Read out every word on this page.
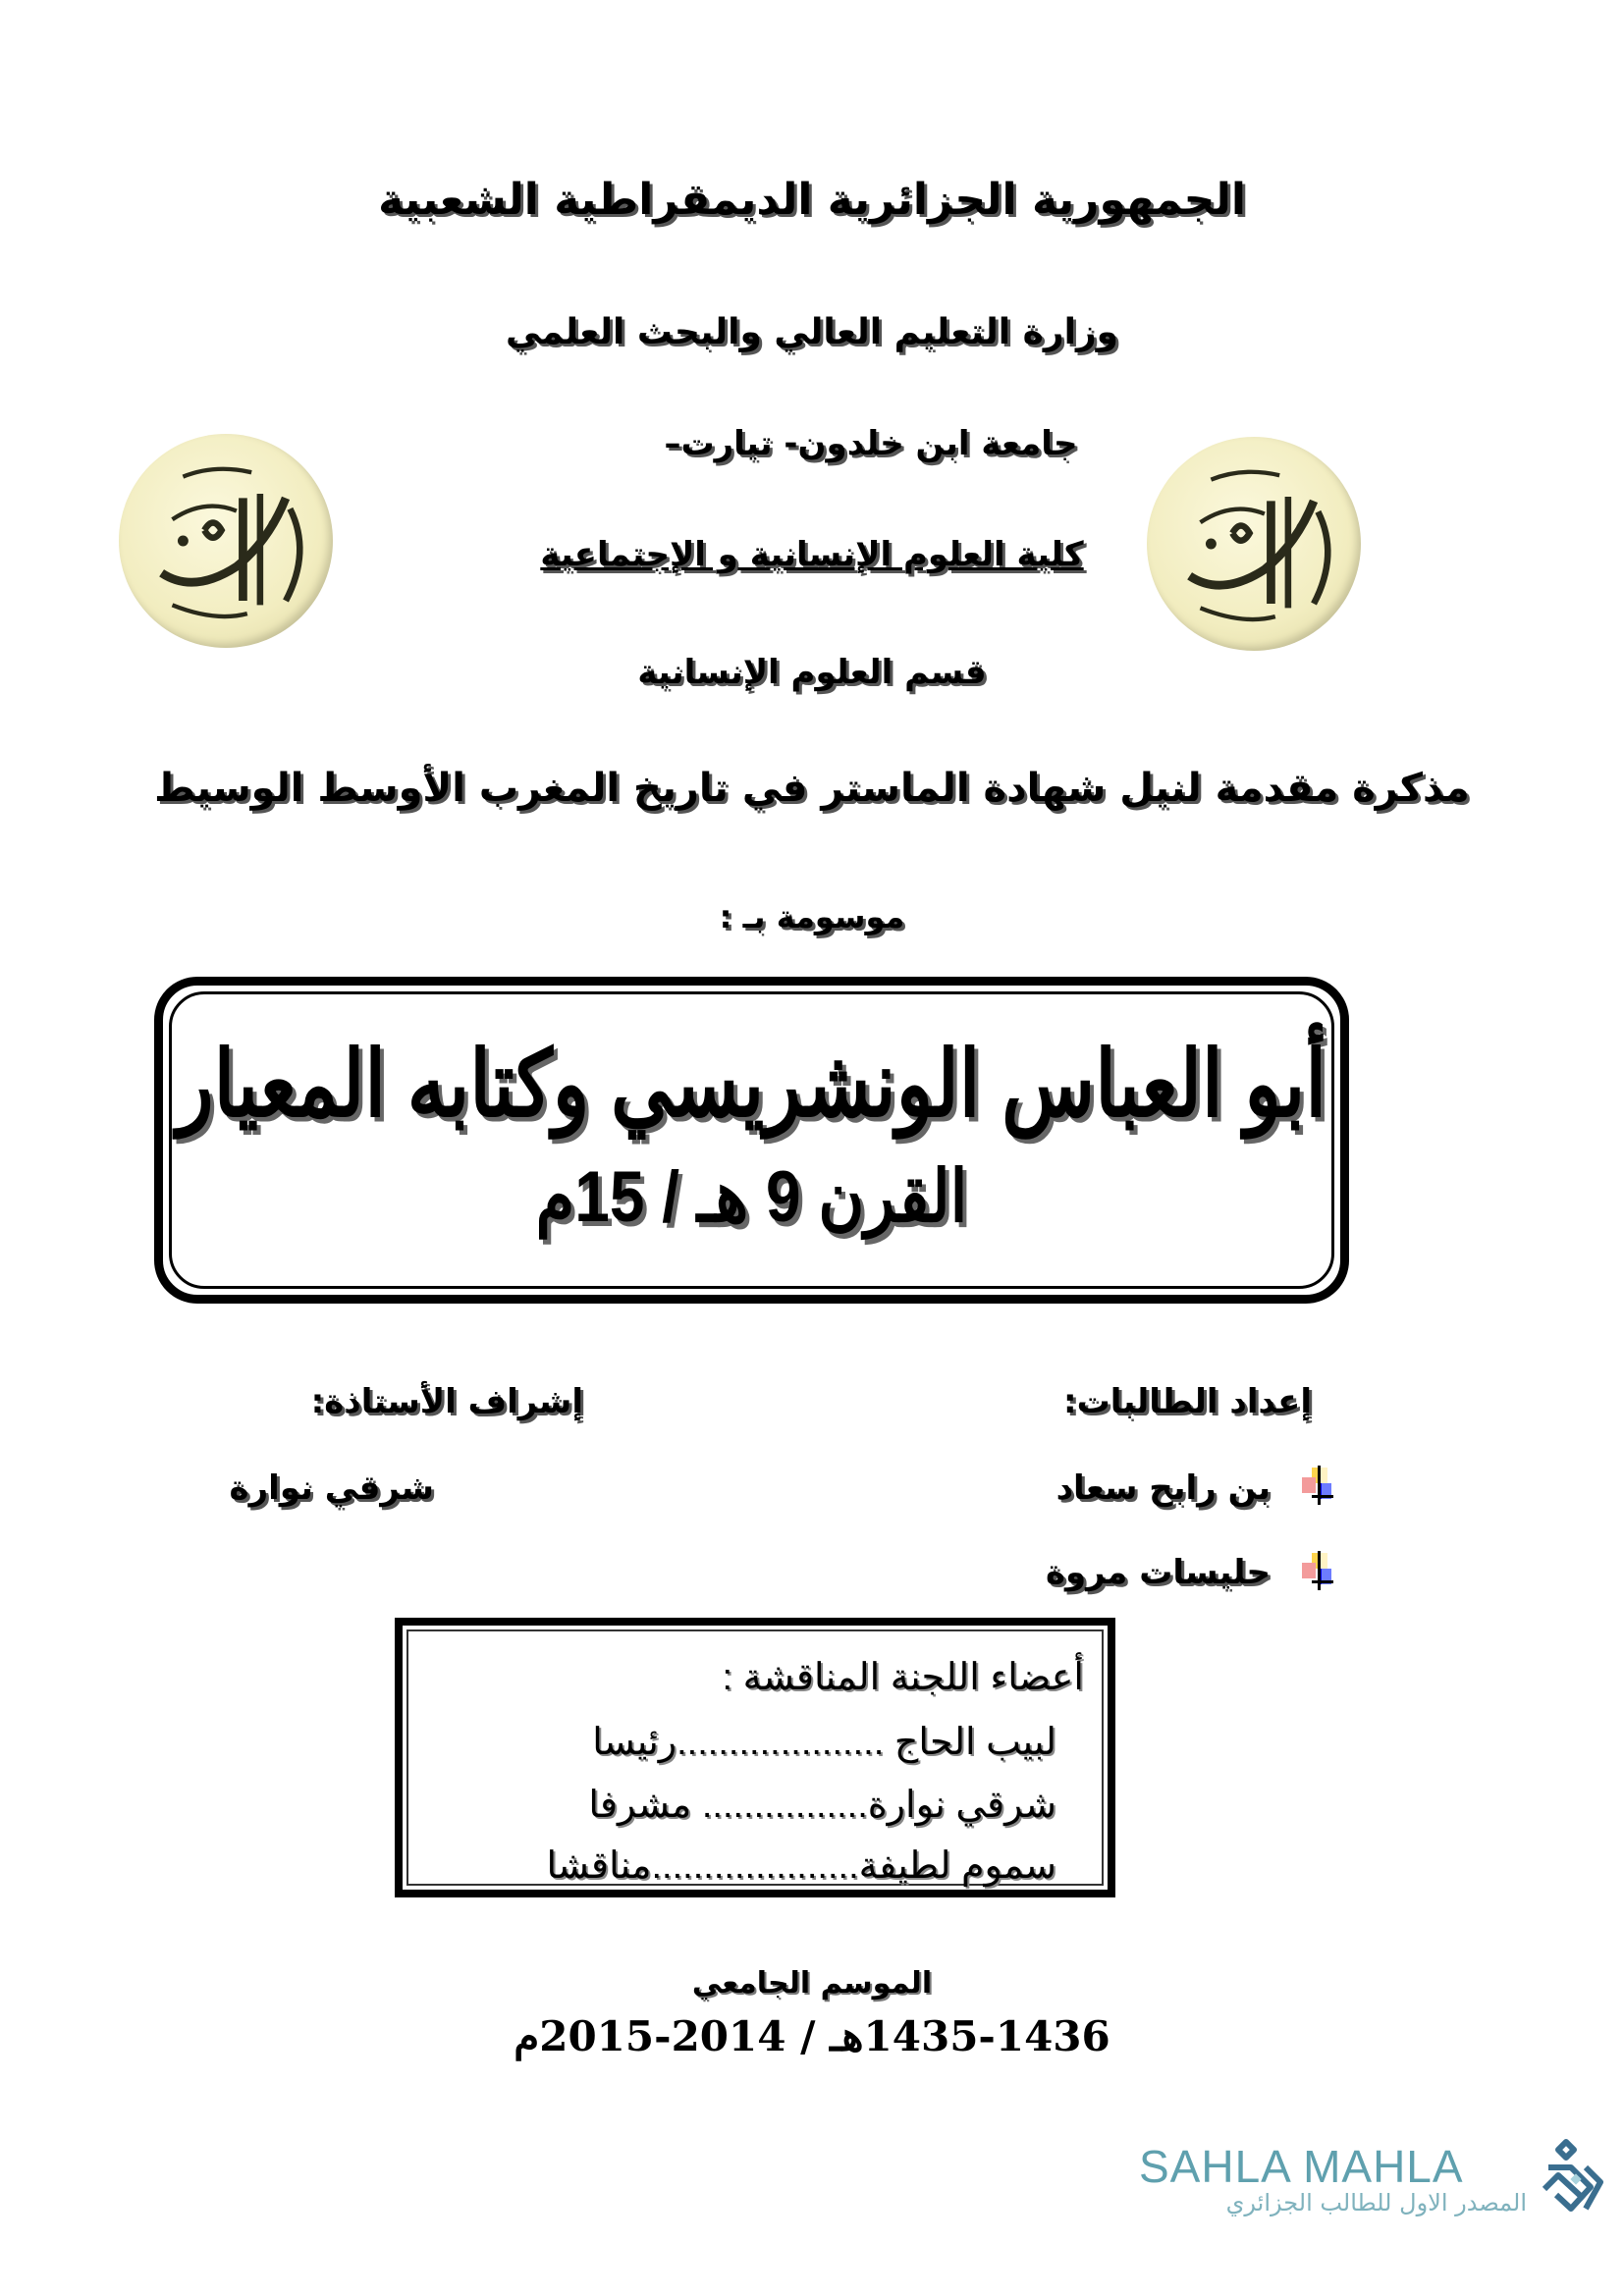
الجمهورية الجزائرية الديمقراطية الشعبية
وزارة التعليم العالي والبحث العلمي
جامعة ابن خلدون- تيارت–
كلية العلوم الإنسانية و الإجتماعية
قسم العلوم الإنسانية
مذكرة مقدمة لنيل شهادة الماستر في تاريخ المغرب الأوسط الوسيط
موسومة بـ :
أبو العباس الونشريسي وكتابه المعيار
القرن 9 هـ / 15م
إعداد الطالبات:
إشراف الأستاذة:
بن رابح سعاد
شرقي نوارة
حليسات مروة
أعضاء اللجنة المناقشة :
لبيب الحاج ....................رئيسا
شرقي نوارة................ مشرفا
سموم لطيفة....................مناقشا
الموسم الجامعي
1435-1436هـ / 2014-2015م
SAHLA MAHLA
المصدر الاول للطالب الجزائري
